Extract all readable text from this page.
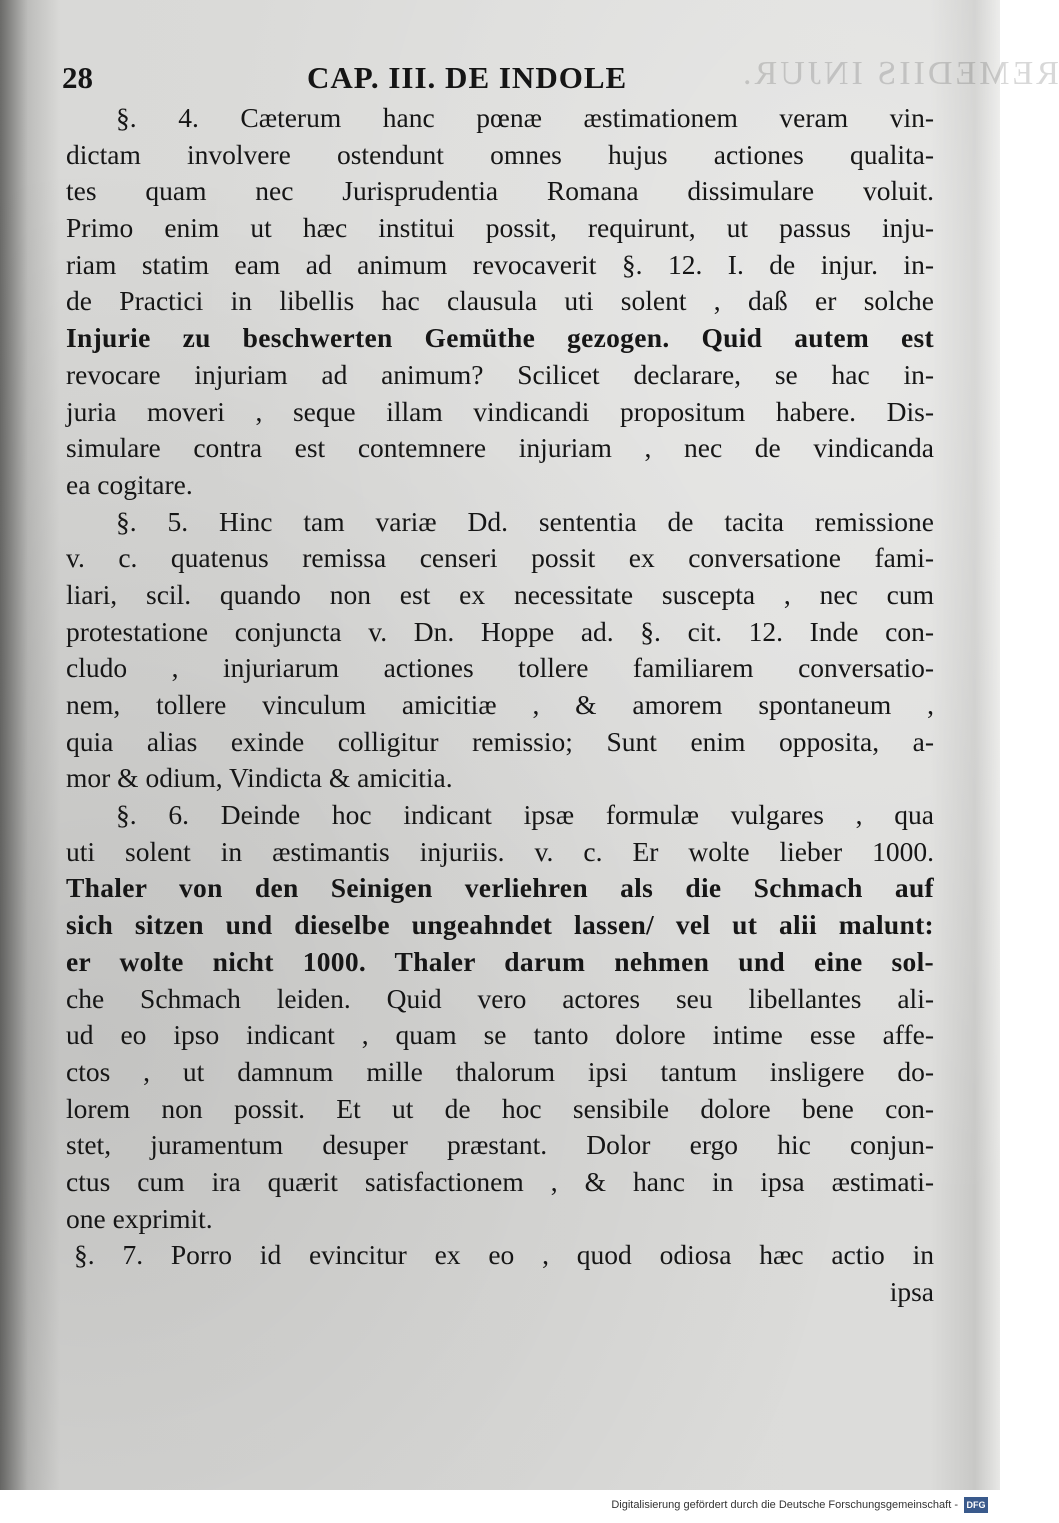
REMEDIIS INJUR.
28	CAP. III. DE INDOLE
§. 4. Cæterum hanc pœnæ æstimationem veram vin-
dictam involvere ostendunt omnes hujus actiones qualita-
tes quam nec Jurisprudentia Romana dissimulare voluit.
Primo enim ut hæc institui possit, requirunt, ut passus inju-
riam statim eam ad animum revocaverit §. 12. I. de injur. in-
de Practici in libellis hac clausula uti solent , daß er solche
Injurie zu beschwerten Gemüthe gezogen. Quid autem est
revocare injuriam ad animum? Scilicet declarare, se hac in-
juria moveri , seque illam vindicandi propositum habere. Dis-
simulare contra est contemnere injuriam , nec de vindicanda
ea cogitare.
§. 5. Hinc tam variæ Dd. sententia de tacita remissione
v. c. quatenus remissa censeri possit ex conversatione fami-
liari, scil. quando non est ex necessitate suscepta , nec cum
protestatione conjuncta v. Dn. Hoppe ad. §. cit. 12. Inde con-
cludo , injuriarum actiones tollere familiarem conversatio-
nem, tollere vinculum amicitiæ , & amorem spontaneum ,
quia alias exinde colligitur remissio; Sunt enim opposita, a-
mor & odium, Vindicta & amicitia.
§. 6. Deinde hoc indicant ipsæ formulæ vulgares , qua
uti solent in æstimantis injuriis. v. c. Er wolte lieber 1000.
Thaler von den Seinigen verliehren als die Schmach auf
sich sitzen und dieselbe ungeahndet lassen/ vel ut alii malunt:
er wolte nicht 1000. Thaler darum nehmen und eine sol-
che Schmach leiden. Quid vero actores seu libellantes ali-
ud eo ipso indicant , quam se tanto dolore intime esse affe-
ctos , ut damnum mille thalorum ipsi tantum insligere do-
lorem non possit. Et ut de hoc sensibile dolore bene con-
stet, juramentum desuper præstant. Dolor ergo hic conjun-
ctus cum ira quærit satisfactionem , & hanc in ipsa æstimati-
one exprimit.
§. 7. Porro id evincitur ex eo , quod odiosa hæc actio in
ipsa
Digitalisierung gefördert durch die Deutsche Forschungsgemeinschaft - DFG
